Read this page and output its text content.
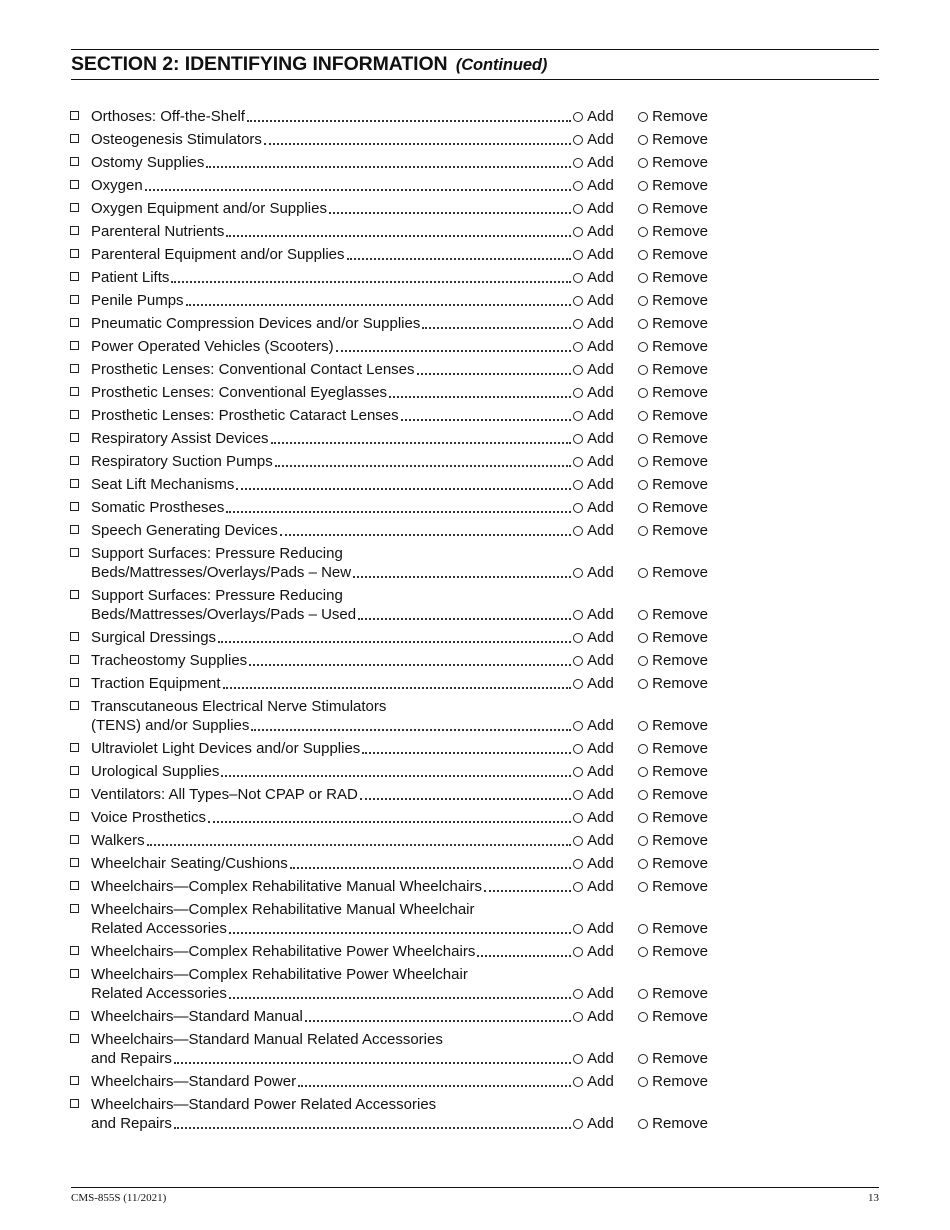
SECTION 2: IDENTIFYING INFORMATION (Continued)
Orthoses: Off-the-Shelf	Add	Remove
Osteogenesis Stimulators	Add	Remove
Ostomy Supplies	Add	Remove
Oxygen	Add	Remove
Oxygen Equipment and/or Supplies	Add	Remove
Parenteral Nutrients	Add	Remove
Parenteral Equipment and/or Supplies	Add	Remove
Patient Lifts	Add	Remove
Penile Pumps	Add	Remove
Pneumatic Compression Devices and/or Supplies	Add	Remove
Power Operated Vehicles (Scooters)	Add	Remove
Prosthetic Lenses: Conventional Contact Lenses	Add	Remove
Prosthetic Lenses: Conventional Eyeglasses	Add	Remove
Prosthetic Lenses: Prosthetic Cataract Lenses	Add	Remove
Respiratory Assist Devices	Add	Remove
Respiratory Suction Pumps	Add	Remove
Seat Lift Mechanisms	Add	Remove
Somatic Prostheses	Add	Remove
Speech Generating Devices	Add	Remove
Support Surfaces: Pressure Reducing
Beds/Mattresses/Overlays/Pads – New	Add	Remove
Support Surfaces: Pressure Reducing
Beds/Mattresses/Overlays/Pads – Used	Add	Remove
Surgical Dressings	Add	Remove
Tracheostomy Supplies	Add	Remove
Traction Equipment	Add	Remove
Transcutaneous Electrical Nerve Stimulators
(TENS) and/or Supplies	Add	Remove
Ultraviolet Light Devices and/or Supplies	Add	Remove
Urological Supplies	Add	Remove
Ventilators: All Types–Not CPAP or RAD	Add	Remove
Voice Prosthetics	Add	Remove
Walkers	Add	Remove
Wheelchair Seating/Cushions	Add	Remove
Wheelchairs—Complex Rehabilitative Manual Wheelchairs	Add	Remove
Wheelchairs—Complex Rehabilitative Manual Wheelchair
Related Accessories	Add	Remove
Wheelchairs—Complex Rehabilitative Power Wheelchairs	Add	Remove
Wheelchairs—Complex Rehabilitative Power Wheelchair
Related Accessories	Add	Remove
Wheelchairs—Standard Manual	Add	Remove
Wheelchairs—Standard Manual Related Accessories
and Repairs	Add	Remove
Wheelchairs—Standard Power	Add	Remove
Wheelchairs—Standard Power Related Accessories
and Repairs	Add	Remove
CMS-855S (11/2021)	13
